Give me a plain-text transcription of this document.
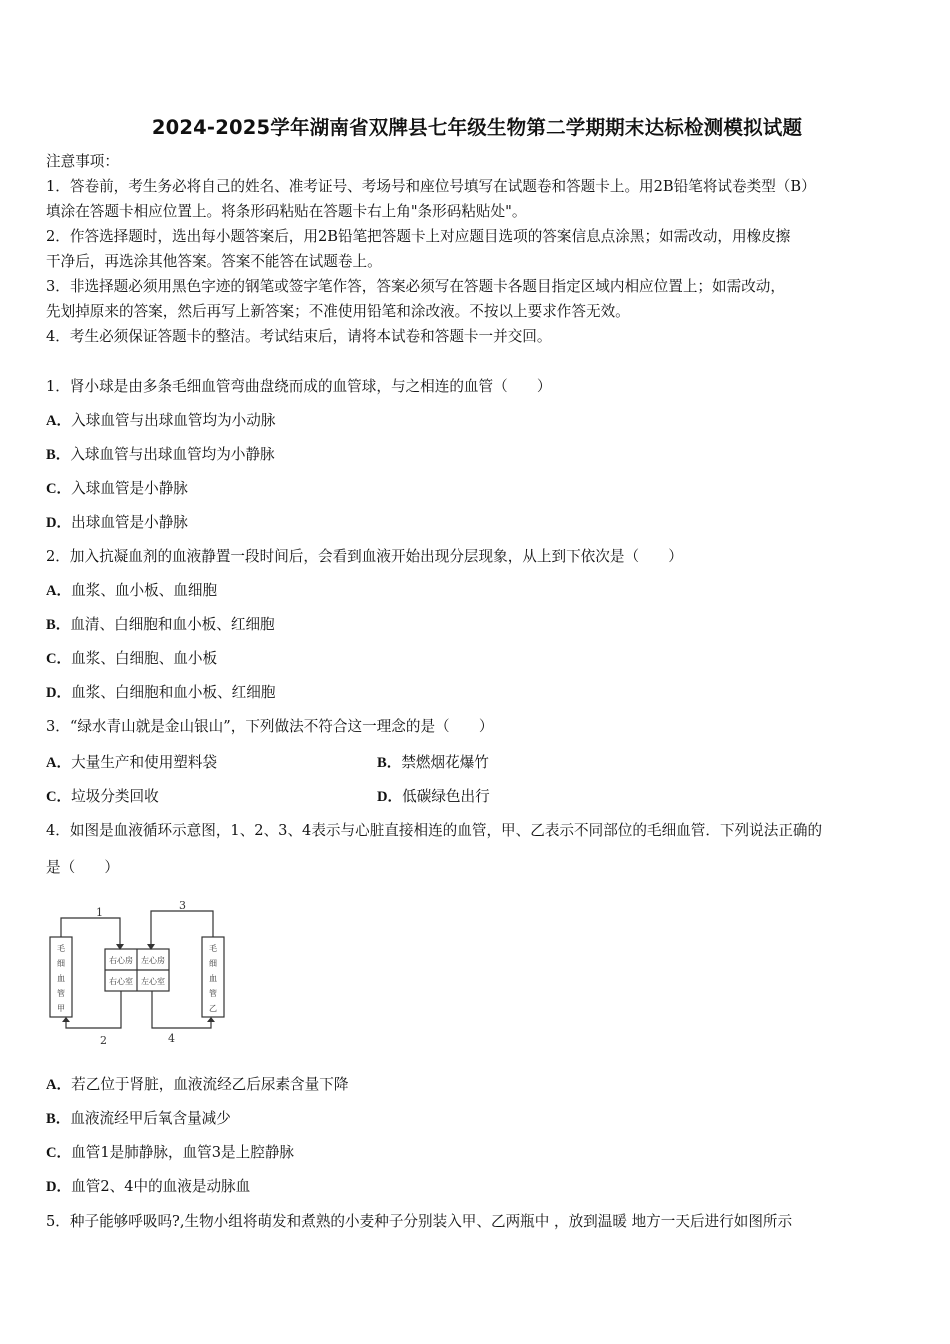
2024-2025学年湖南省双牌县七年级生物第二学期期末达标检测模拟试题
注意事项：
1．答卷前，考生务必将自己的姓名、准考证号、考场号和座位号填写在试题卷和答题卡上。用2B铅笔将试卷类型（B）
填涂在答题卡相应位置上。将条形码粘贴在答题卡右上角"条形码粘贴处"。
2．作答选择题时，选出每小题答案后，用2B铅笔把答题卡上对应题目选项的答案信息点涂黑；如需改动，用橡皮擦
干净后，再选涂其他答案。答案不能答在试题卷上。
3．非选择题必须用黑色字迹的钢笔或签字笔作答，答案必须写在答题卡各题目指定区域内相应位置上；如需改动，
先划掉原来的答案，然后再写上新答案；不准使用铅笔和涂改液。不按以上要求作答无效。
4．考生必须保证答题卡的整洁。考试结束后，请将本试卷和答题卡一并交回。
1．肾小球是由多条毛细血管弯曲盘绕而成的血管球，与之相连的血管（　　）
A．入球血管与出球血管均为小动脉
B．入球血管与出球血管均为小静脉
C．入球血管是小静脉
D．出球血管是小静脉
2．加入抗凝血剂的血液静置一段时间后，会看到血液开始出现分层现象，从上到下依次是（　　）
A．血浆、血小板、血细胞
B．血清、白细胞和血小板、红细胞
C．血浆、白细胞、血小板
D．血浆、白细胞和血小板、红细胞
3．“绿水青山就是金山银山”，下列做法不符合这一理念的是（　　）
A．大量生产和使用塑料袋	B．禁燃烟花爆竹
C．垃圾分类回收	D．低碳绿色出行
4．如图是血液循环示意图，1、2、3、4表示与心脏直接相连的血管，甲、乙表示不同部位的毛细血管．下列说法正确的
是（　　）
A．若乙位于肾脏，血液流经乙后尿素含量下降
B．血液流经甲后氧含量减少
C．血管1是肺静脉，血管3是上腔静脉
D．血管2、4中的血液是动脉血
5．种子能够呼吸吗?,生物小组将萌发和煮熟的小麦种子分别装入甲、乙两瓶中 ，放到温暖 地方一天后进行如图所示
1
3
2	4
毛
细
血
管
甲
毛
细
血
管
乙
右心房 左心房
右心室 左心室
